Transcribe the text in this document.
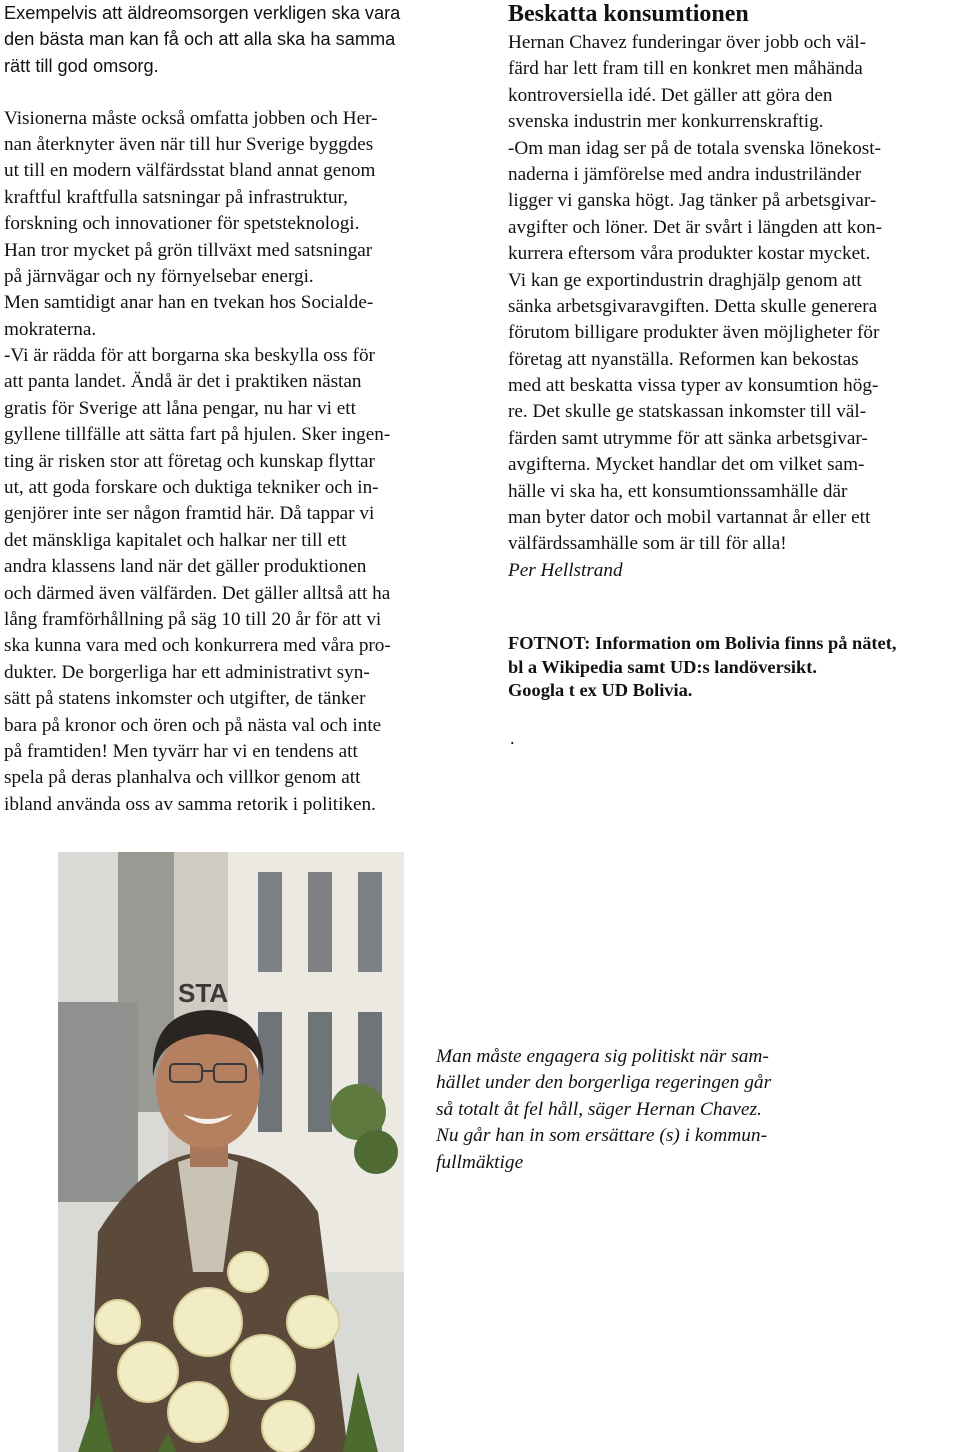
Exempelvis att äldreomsorgen verkligen ska vara
den bästa man kan få och att alla ska ha samma
rätt till god omsorg.
Visionerna måste också omfatta jobben och Her-
nan återknyter även när till hur Sverige byggdes
ut till en modern välfärdsstat bland annat genom
kraftful kraftfulla satsningar på infrastruktur,
forskning och innovationer för spetsteknologi.
Han tror mycket på grön tillväxt med satsningar
på järnvägar och ny förnyelsebar energi.
Men samtidigt anar han en tvekan hos Socialde-
mokraterna.
-Vi är rädda för att borgarna ska beskylla oss för
att panta landet. Ändå är det i praktiken nästan
gratis för Sverige att låna pengar, nu har vi ett
gyllene tillfälle att sätta fart på hjulen. Sker ingen-
ting är risken stor att företag och kunskap flyttar
ut, att goda forskare och duktiga tekniker och in-
genjörer inte ser någon framtid här. Då tappar vi
det mänskliga kapitalet och halkar ner till ett
andra klassens land när det gäller produktionen
och därmed även välfärden. Det gäller alltså att ha
lång framförhållning på säg 10 till 20 år för att vi
ska kunna vara med och konkurrera med våra pro-
dukter. De borgerliga har ett administrativt syn-
sätt på statens inkomster och utgifter, de tänker
bara på kronor och ören och på nästa val och inte
på framtiden! Men tyvärr har vi en tendens att
spela på deras planhalva och villkor genom att
ibland använda oss av samma retorik i politiken.
Beskatta konsumtionen
Hernan Chavez funderingar över jobb och väl-
färd har lett fram till en konkret men måhända
kontroversiella idé. Det gäller att göra den
svenska industrin mer konkurrenskraftig.
-Om man idag ser på de totala svenska lönekost-
naderna i jämförelse med andra industriländer
ligger vi ganska högt. Jag tänker på arbetsgivar-
avgifter och löner. Det är svårt i längden att kon-
kurrera eftersom våra produkter kostar mycket.
Vi kan ge exportindustrin draghjälp genom att
sänka arbetsgivaravgiften. Detta skulle generera
förutom billigare produkter även möjligheter för
företag att nyanställa. Reformen kan bekostas
med att beskatta vissa typer av konsumtion hög-
re. Det skulle ge statskassan inkomster till väl-
färden samt utrymme för att sänka arbetsgivar-
avgifterna. Mycket handlar det om vilket sam-
hälle vi ska ha, ett konsumtionssamhälle där
man byter dator och mobil vartannat år eller ett
välfärdssamhälle som är till för alla!
Per Hellstrand
FOTNOT: Information om Bolivia finns på nätet,
bl a Wikipedia samt UD:s landöversikt.
Googla t ex UD Bolivia.
.
STA
Man måste engagera sig politiskt när sam-
hället under den borgerliga regeringen går
så totalt åt fel håll, säger Hernan Chavez.
Nu går han in som ersättare (s) i kommun-
fullmäktige
